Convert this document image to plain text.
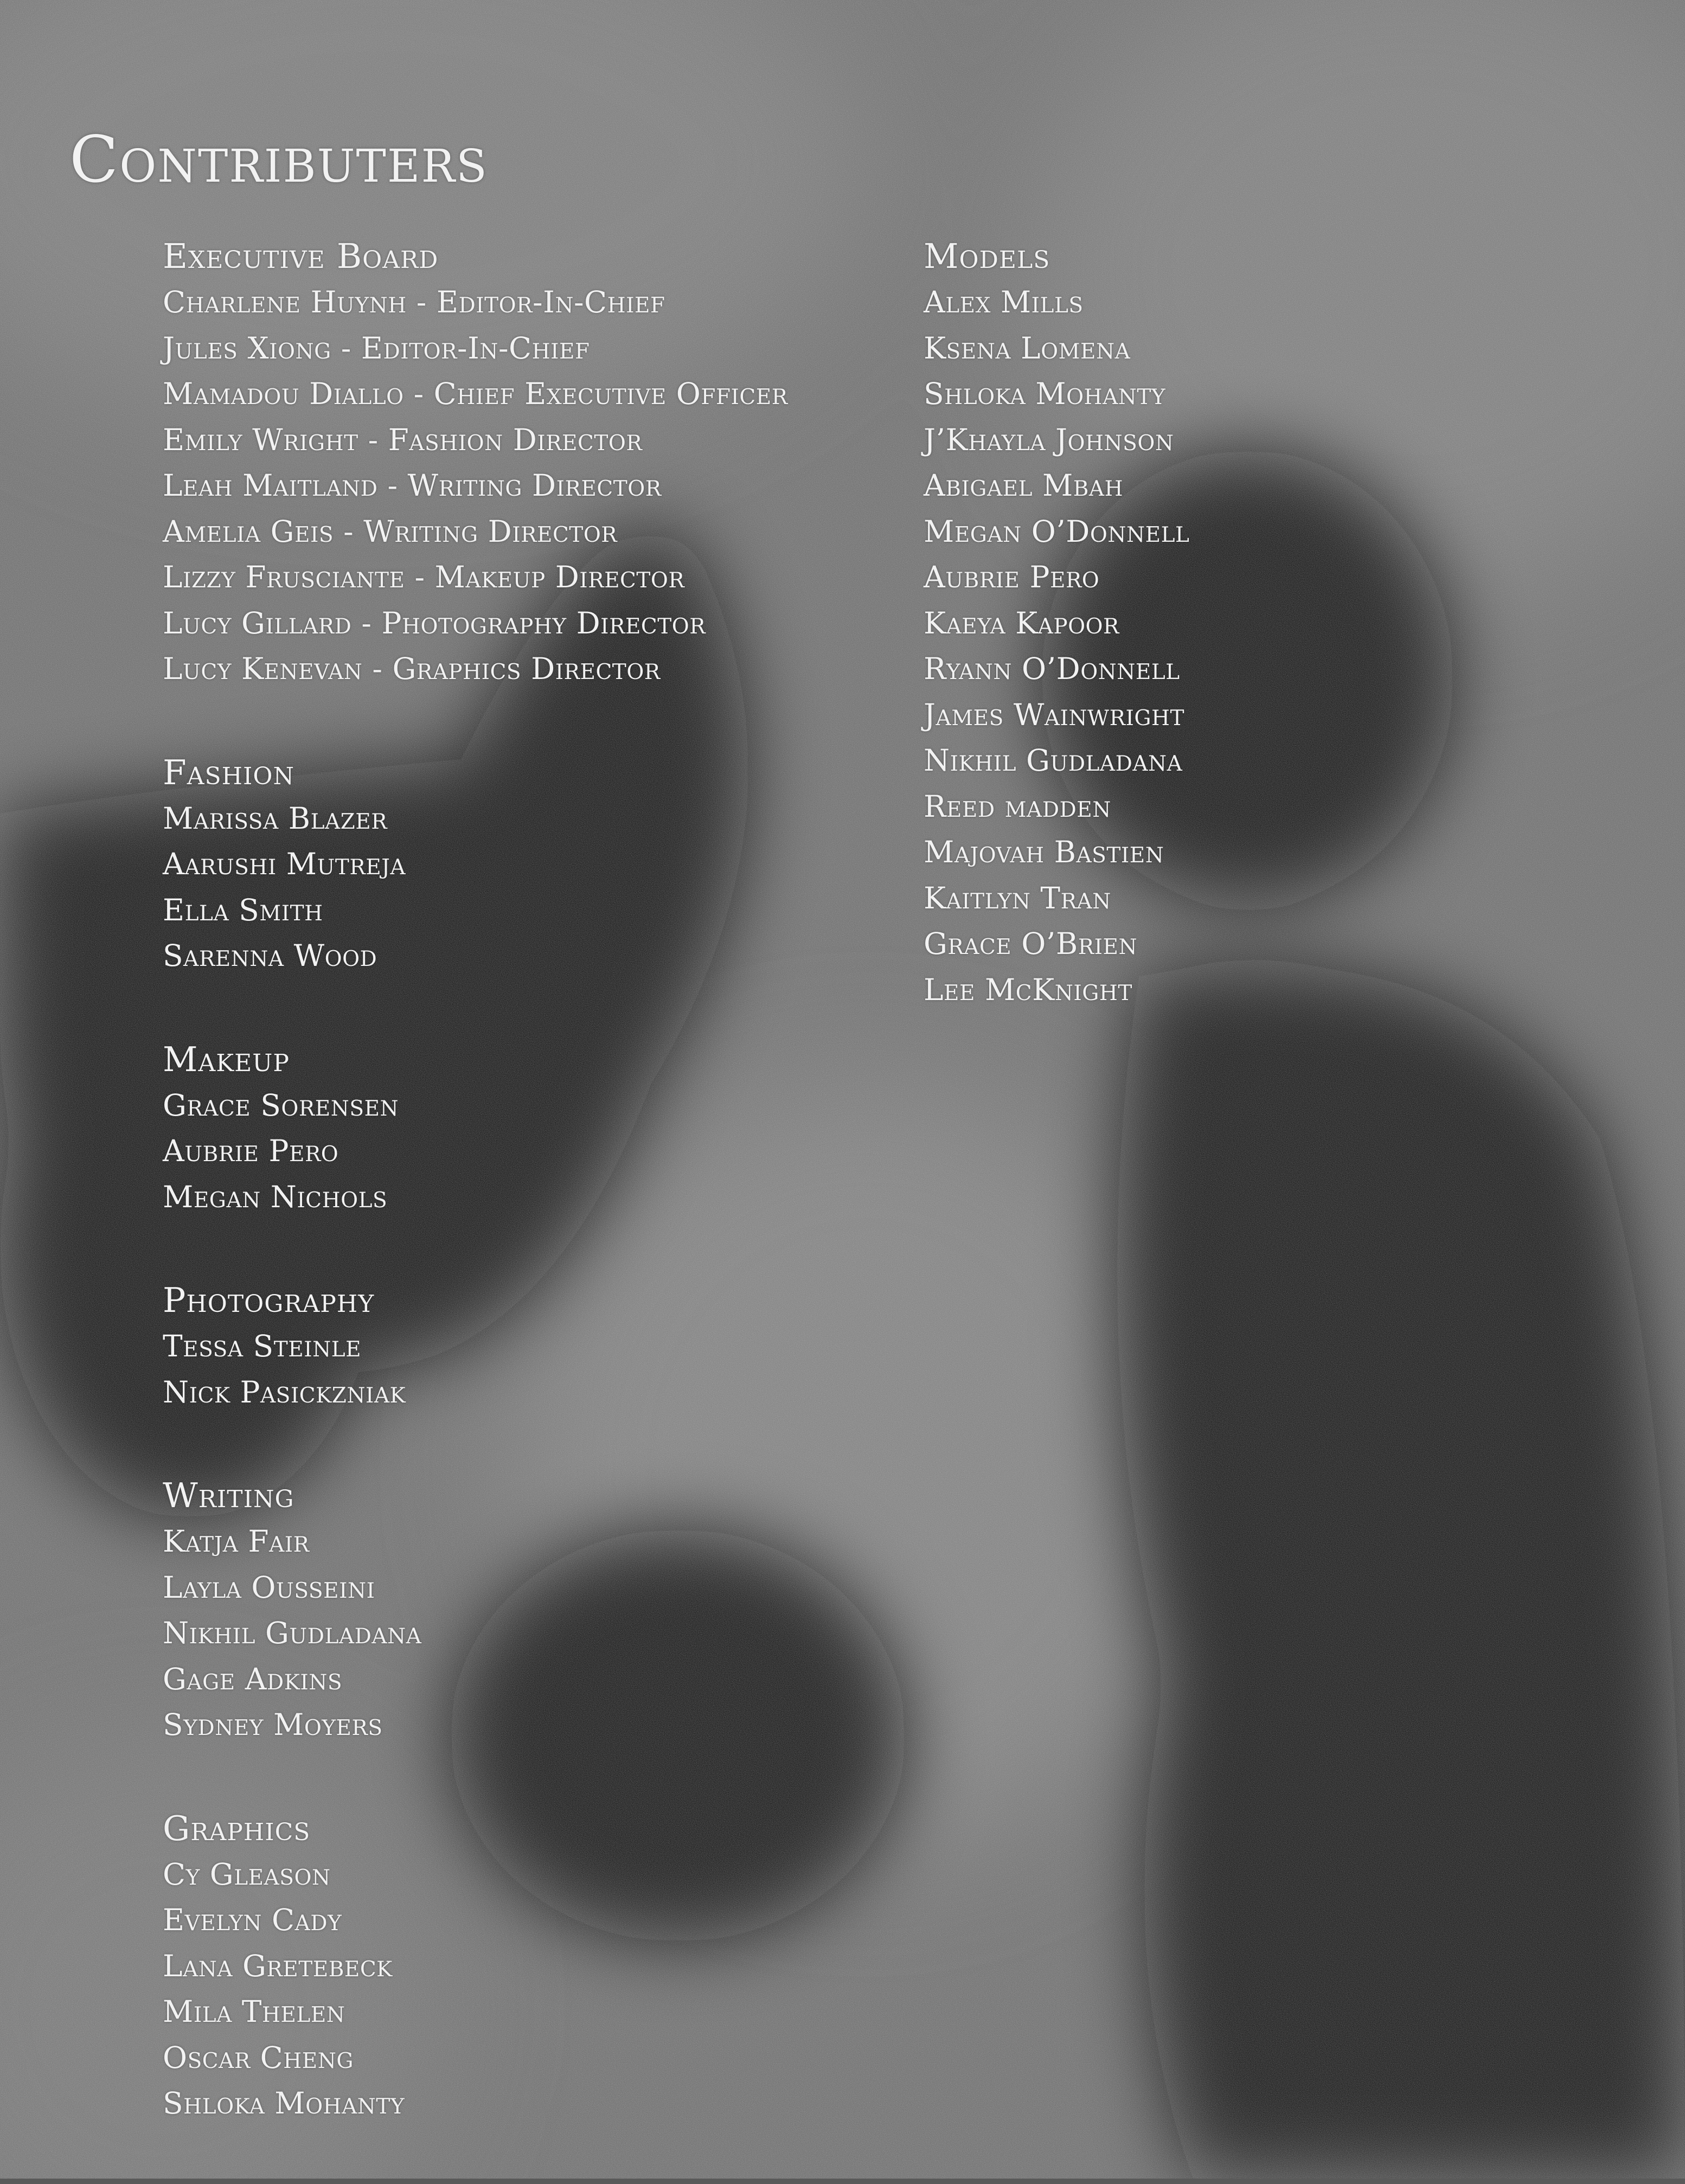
Contributers
Executive Board
Charlene Huynh - Editor-In-Chief
Jules Xiong - Editor-In-Chief
Mamadou Diallo - Chief Executive Officer
Emily Wright - Fashion Director
Leah Maitland - Writing Director
Amelia Geis - Writing Director
Lizzy Frusciante - Makeup Director
Lucy Gillard - Photography Director
Lucy Kenevan - Graphics Director
Fashion
Marissa Blazer
Aarushi Mutreja
Ella Smith
Sarenna Wood
Makeup
Grace Sorensen
Aubrie Pero
Megan Nichols
Photography
Tessa Steinle
Nick Pasickzniak
Writing
Katja Fair
Layla Ousseini
Nikhil Gudladana
Gage Adkins
Sydney Moyers
Graphics
Cy Gleason
Evelyn Cady
Lana Gretebeck
Mila Thelen
Oscar Cheng
Shloka Mohanty
Models
Alex Mills
Ksena Lomena
Shloka Mohanty
J’Khayla Johnson
Abigael Mbah
Megan O’Donnell
Aubrie Pero
Kaeya Kapoor
Ryann O’Donnell
James Wainwright
Nikhil Gudladana
Reed madden
Majovah Bastien
Kaitlyn Tran
Grace O’Brien
Lee McKnight
